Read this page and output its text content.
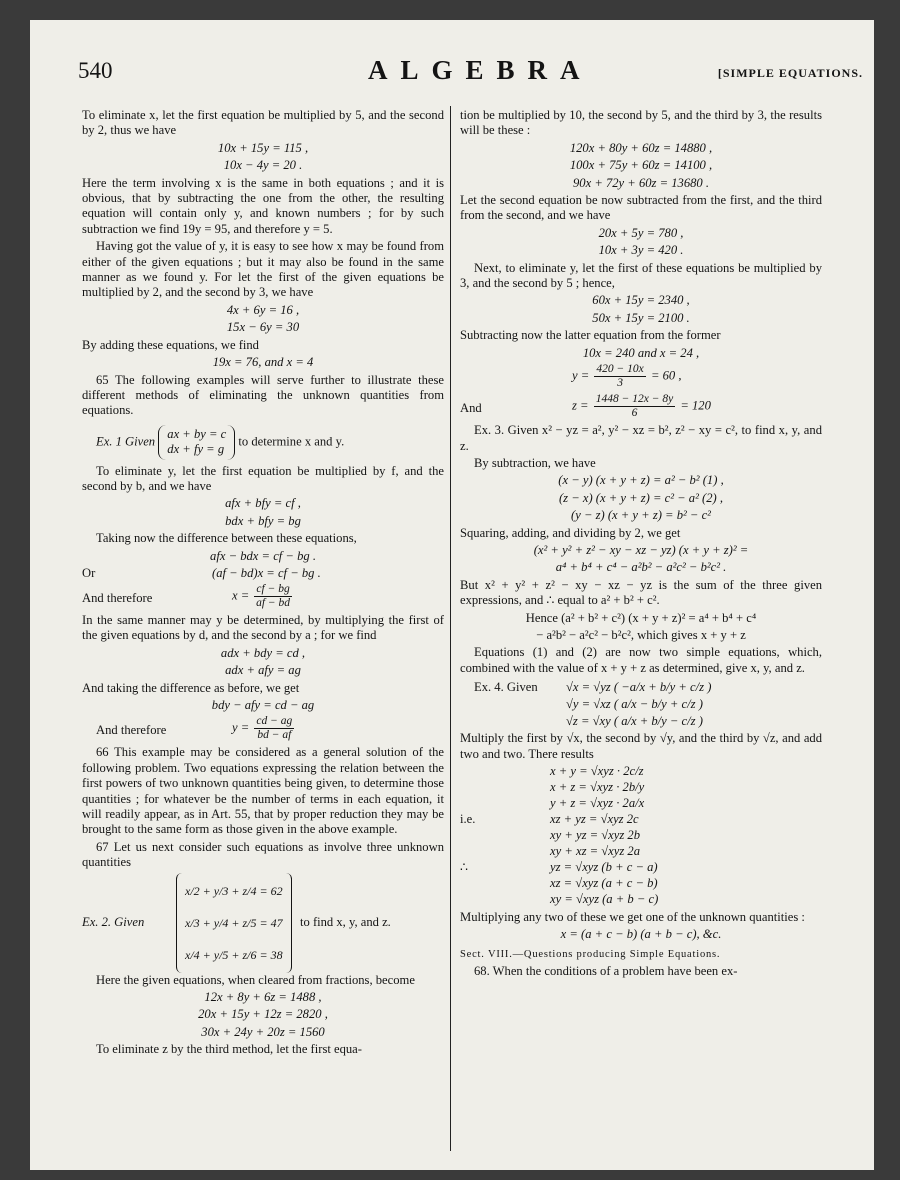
540	ALGEBRA	[SIMPLE EQUATIONS.

To eliminate x, let the first equation be multiplied by 5, and the second by 2, thus we have

10x + 15y = 115 ,
10x − 4y = 20 .

Here the term involving x is the same in both equations ; and it is obvious, that by subtracting the one from the other, the resulting equation will contain only y, and known numbers ; for by such subtraction we find 19y = 95, and therefore y = 5.

Having got the value of y, it is easy to see how x may be found from either of the given equations ; but it may also be found in the same manner as we found y. For let the first of the given equations be multiplied by 2, and the second by 3, we have

4x + 6y = 16 ,
15x − 6y = 30

By adding these equations, we find

19x = 76, and x = 4

65 The following examples will serve further to illustrate these different methods of eliminating the unknown quantities from equations.

Ex. 1 Given
ax + by = c
dx + fy = g
to determine x and y.

To eliminate y, let the first equation be multiplied by f, and the second by b, and we have

afx + bfy = cf ,
bdx + bfy = bg

Taking now the difference between these equations,

afx − bdx = cf − bg .
Or	(af − bd)x = cf − bg .
And therefore	$x = \frac{cf - bg}{af - bd}$

In the same manner may y be determined, by multiplying the first of the given equations by d, and the second by a ; for we find

adx + bdy = cd ,
adx + afy = ag

And taking the difference as before, we get

bdy − afy = cd − ag
And therefore	$y = \frac{cd - ag}{bd - af}$

66 This example may be considered as a general solution of the following problem. Two equations expressing the relation between the first powers of two unknown quantities being given, to determine those quantities ; for whatever be the number of terms in each equation, it will readily appear, as in Art. 55, that by proper reduction they may be brought to the same form as those given in the above example.

67 Let us next consider such equations as involve three unknown quantities

Ex. 2. Given
x/2 + y/3 + z/4 = 62
x/3 + y/4 + z/5 = 47
x/4 + y/5 + z/6 = 38
to find x, y, and z.

Here the given equations, when cleared from fractions, become

12x + 8y + 6z = 1488 ,
20x + 15y + 12z = 2820 ,
30x + 24y + 20z = 1560

To eliminate z by the third method, let the first equa-

tion be multiplied by 10, the second by 5, and the third by 3, the results will be these :

120x + 80y + 60z = 14880 ,
100x + 75y + 60z = 14100 ,
90x + 72y + 60z = 13680 .

Let the second equation be now subtracted from the first, and the third from the second, and we have

20x + 5y = 780 ,
10x + 3y = 420 .

Next, to eliminate y, let the first of these equations be multiplied by 3, and the second by 5 ; hence,

60x + 15y = 2340 ,
50x + 15y = 2100 .

Subtracting now the latter equation from the former

10x = 240 and x = 24 ,
$y = \frac{420 - 10x}{3} = 60$ ,
And	$z = \frac{1448 - 12x - 8y}{6} = 120$

Ex. 3. Given x² − yz = a², y² − xz = b², z² − xy = c², to find x, y, and z.

By subtraction, we have

(x − y) (x + y + z) = a² − b² (1) ,
(z − x) (x + y + z) = c² − a² (2) ,
(y − z) (x + y + z) = b² − c²

Squaring, adding, and dividing by 2, we get

(x² + y² + z² − xy − xz − yz) (x + y + z)² =
a⁴ + b⁴ + c⁴ − a²b² − a²c² − b²c² .

But x² + y² + z² − xy − xz − yz is the sum of the three given expressions, and ∴ equal to a² + b² + c².

Hence (a² + b² + c²) (x + y + z)² = a⁴ + b⁴ + c⁴
− a²b² − a²c² − b²c², which gives x + y + z

Equations (1) and (2) are now two simple equations, which, combined with the value of x + y + z as determined, give x, y, and z.

Ex. 4. Given √x = √yz ( −a/x + b/y + c/z )
√y = √xz ( a/x − b/y + c/z )
√z = √xy ( a/x + b/y − c/z )

Multiply the first by √x, the second by √y, and the third by √z, and add two and two. There results

x + y = √xyz · 2c/z
x + z = √xyz · 2b/y
y + z = √xyz · 2a/x
i.e.	xz + yz = √xyz 2c
xy + yz = √xyz 2b
xy + xz = √xyz 2a
∴	yz = √xyz (b + c − a)
xz = √xyz (a + c − b)
xy = √xyz (a + b − c)

Multiplying any two of these we get one of the unknown quantities :

x = (a + c − b) (a + b − c), &c.

Sect. VIII.—Questions producing Simple Equations.

68. When the conditions of a problem have been ex-
